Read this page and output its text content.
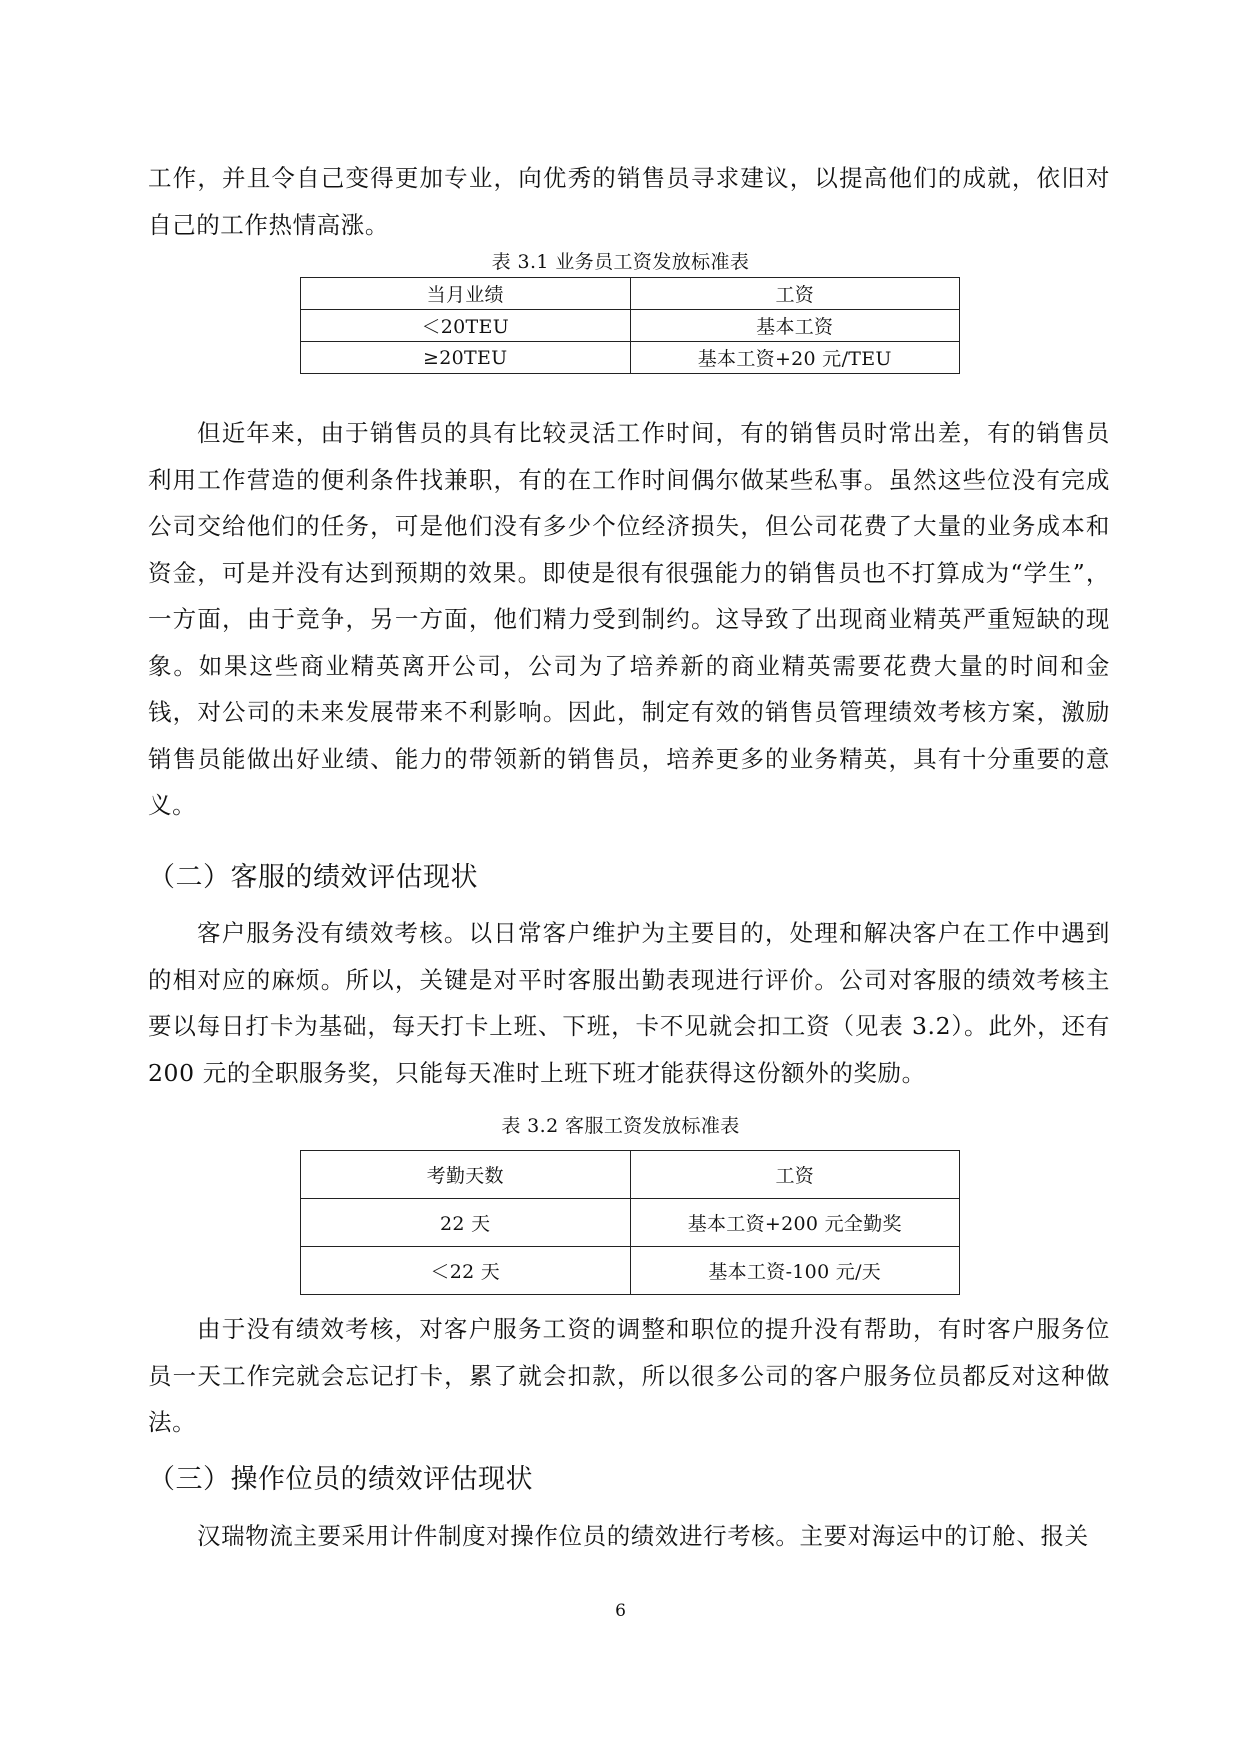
工作，并且令自己变得更加专业，向优秀的销售员寻求建议，以提高他们的成就，依旧对自己的工作热情高涨。

表 3.1 业务员工资发放标准表

当月业绩	工资
＜20TEU	基本工资
≥20TEU	基本工资+20 元/TEU

但近年来，由于销售员的具有比较灵活工作时间，有的销售员时常出差，有的销售员利用工作营造的便利条件找兼职，有的在工作时间偶尔做某些私事。虽然这些位没有完成公司交给他们的任务，可是他们没有多少个位经济损失，但公司花费了大量的业务成本和资金，可是并没有达到预期的效果。即使是很有很强能力的销售员也不打算成为“学生”，一方面，由于竞争，另一方面，他们精力受到制约。这导致了出现商业精英严重短缺的现象。如果这些商业精英离开公司，公司为了培养新的商业精英需要花费大量的时间和金钱，对公司的未来发展带来不利影响。因此，制定有效的销售员管理绩效考核方案，激励销售员能做出好业绩、能力的带领新的销售员，培养更多的业务精英，具有十分重要的意义。

（二）客服的绩效评估现状

客户服务没有绩效考核。以日常客户维护为主要目的，处理和解决客户在工作中遇到的相对应的麻烦。所以，关键是对平时客服出勤表现进行评价。公司对客服的绩效考核主要以每日打卡为基础，每天打卡上班、下班，卡不见就会扣工资（见表 3.2）。此外，还有 200 元的全职服务奖，只能每天准时上班下班才能获得这份额外的奖励。

表 3.2 客服工资发放标准表

考勤天数	工资
22 天	基本工资+200 元全勤奖
＜22 天	基本工资-100 元/天

由于没有绩效考核，对客户服务工资的调整和职位的提升没有帮助，有时客户服务位员一天工作完就会忘记打卡，累了就会扣款，所以很多公司的客户服务位员都反对这种做法。

（三）操作位员的绩效评估现状

汉瑞物流主要采用计件制度对操作位员的绩效进行考核。主要对海运中的订舱、报关

6
